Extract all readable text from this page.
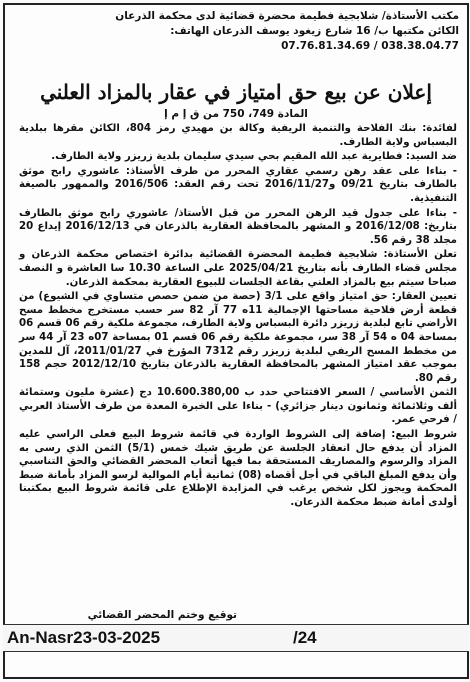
مكتب الأستاذة/ شلابجية فطيمة محضرة قضائية لدى محكمة الذرعان
الكائن مكتبها ب/ 16 شارع زيغود يوسف الذرعان الهاتف:
07.76.81.34.69 / 038.38.04.77
إعلان عن بيع حق امتياز في عقار بالمزاد العلني
المادة 749، 750 من ق إ م إ

لفائدة: بنك الفلاحة والتنمية الريفية وكالة بن مهيدي رمز 804، الكائن مقرها ببلدية البسباس ولاية الطارف.

ضد السيد: فطايرية عبد الله المقيم بحي سيدي سليمان بلدية زريزر ولاية الطارف.

- بناءا على عقد رهن رسمي عقاري المحرر من طرف الأستاذ: عاشوري رابح موثق بالطارف بتاريخ 09/21 و2016/11/27 تحت رقم العقد: 2016/506 والممهور بالصيغة التنفيذية.

- بناءا على جدول قيد الرهن المحرر من قبل الأستاذ/ عاشوري رابح موثق بالطارف بتاريخ: 2016/12/08 و المشهر بالمحافظة العقارية بالذرعان في 2016/12/13 إيداع 20 مجلد 38 رقم 56.

تعلن الأستاذة: شلابجية فطيمة المحضرة القضائية بدائرة اختصاص محكمة الذرعان و مجلس قضاء الطارف بأنه بتاريخ 2025/04/21 على الساعة 10.30 سا العاشرة و النصف صباحا سيتم بيع بالمزاد العلني بقاعة الجلسات للبيوع العقارية بمحكمة الذرعان.

تعيين العقار: حق امتياز واقع على 3/1 (حصة من ضمن حصص متساوي في الشيوع) من قطعة أرض فلاحية مساحتها الإجمالية 11ه 77 آر 82 سر حسب مستخرج مخطط مسح الأراضي تابع لبلدية زريزر دائرة البسباس ولاية الطارف، مجموعة ملكية رقم 06 قسم 06 بمساحة 04 ه 54 آر 38 سر، مجموعة ملكية رقم 06 قسم 01 بمساحة 07ه 23 آر 44 سر من مخطط المسح الريفي لبلدية زريزر رقم 7312 المؤرخ في 2011/01/27، آل للمدين بموجب عقد امتياز المشهر بالمحافظة العقارية بالذرعان بتاريخ 2012/12/10 حجم 158 رقم 80.

الثمن الأساسي / السعر الافتتاحي حدد ب 10.600.380,00 دج (عشرة مليون وستمائة ألف وثلاثمائة وثمانون دينار جزائري) - بناءا على الخبرة المعدة من طرف الأستاذ العربي / فرحي عمر.

شروط البيع: إضافة إلى الشروط الواردة في قائمة شروط البيع فعلى الراسي عليه المزاد أن يدفع حال انعقاد الجلسة عن طريق شيك خمس (5/1) الثمن الذي رسى به المزاد والرسوم والمصاريف المستحقة بما فيها أتعاب المحضر القضائي والحق التناسبي وأن يدفع المبلغ الباقي في أجل أقصاه (08) ثمانية أيام الموالية لرسو المزاد بأمانة ضبط المحكمة ويجوز لكل شخص يرغب في المزايدة الإطلاع على قائمة شروط البيع بمكتبنا أولدى أمانة ضبط محكمة الذرعان.

توقيع وختم المحضر القضائي
An-Nasr23-03-2025	/24
